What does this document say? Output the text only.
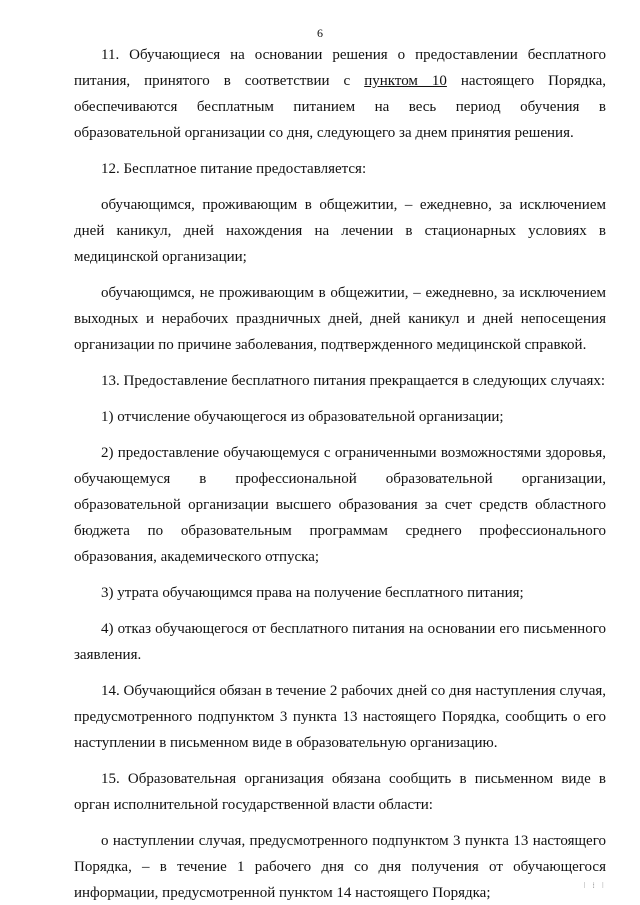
6

11. Обучающиеся на основании решения о предоставлении бесплатного питания, принятого в соответствии с пунктом 10 настоящего Порядка, обеспечиваются бесплатным питанием на весь период обучения в образовательной организации со дня, следующего за днем принятия решения.

12. Бесплатное питание предоставляется:

обучающимся, проживающим в общежитии, – ежедневно, за исключением дней каникул, дней нахождения на лечении в стационарных условиях в медицинской организации;

обучающимся, не проживающим в общежитии, – ежедневно, за исключением выходных и нерабочих праздничных дней, дней каникул и дней непосещения организации по причине заболевания, подтвержденного медицинской справкой.

13. Предоставление бесплатного питания прекращается в следующих случаях:

1) отчисление обучающегося из образовательной организации;

2) предоставление обучающемуся с ограниченными возможностями здоровья, обучающемуся в профессиональной образовательной организации, образовательной организации высшего образования за счет средств областного бюджета по образовательным программам среднего профессионального образования, академического отпуска;

3) утрата обучающимся права на получение бесплатного питания;

4) отказ обучающегося от бесплатного питания на основании его письменного заявления.

14. Обучающийся обязан в течение 2 рабочих дней со дня наступления случая, предусмотренного подпунктом 3 пункта 13 настоящего Порядка, сообщить о его наступлении в письменном виде в образовательную организацию.

15. Образовательная организация обязана сообщить в письменном виде в орган исполнительной государственной власти области:

о наступлении случая, предусмотренного подпунктом 3 пункта 13 настоящего Порядка, – в течение 1 рабочего дня со дня получения от обучающегося информации, предусмотренной пунктом 14 настоящего Порядка;	⁝ ⁞ ⁝
